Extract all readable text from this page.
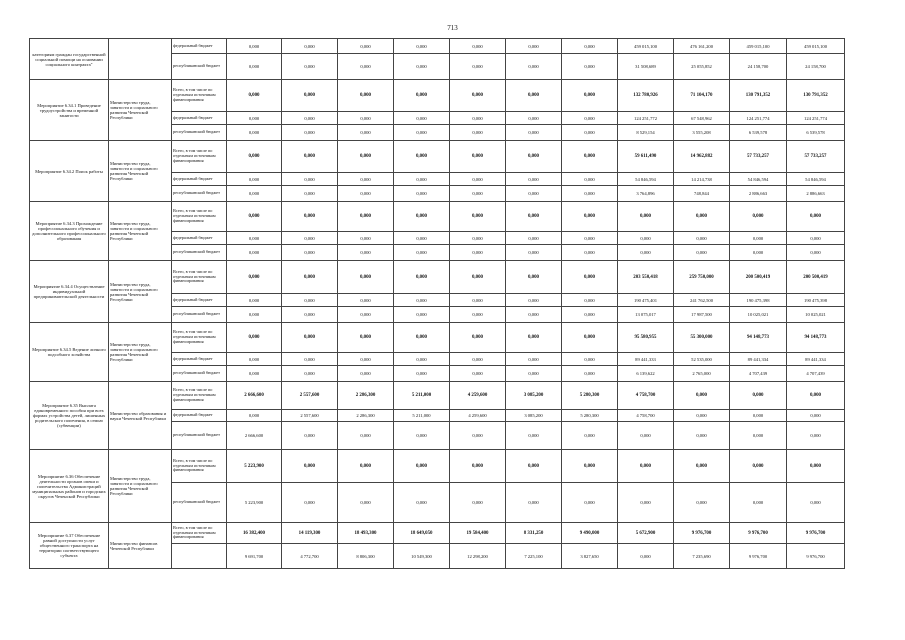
713
категориям граждан государственной социальной помощи на основании социального контракта"		федеральный бюджет	0,000	0,000	0,000	0,000	0,000	0,000	0,000	459 015,100	476 161,200	459 015,100	459 015,100
		республиканский бюджет	0,000	0,000	0,000	0,000	0,000	0,000	0,000	31 508,689	25 055,852	24 158,700	24 158,700
Мероприятие 6.34.1 Проведение трудоустройства и временной занятости	Министерство труда, занятости и социального развития Чеченской Республики	Всего, в том числе по отдельным источникам финансирования	0,000	0,000	0,000	0,000	0,000	0,000	0,000	132 780,926	71 104,170	130 791,352	130 791,352
		федеральный бюджет	0,000	0,000	0,000	0,000	0,000	0,000	0,000	124 251,772	67 548,962	124 251,774	124 251,774
		республиканский бюджет	0,000	0,000	0,000	0,000	0,000	0,000	0,000	8 529,154	3 555,208	6 539,578	6 539,578
Мероприятие 6.34.2 Поиск работы	Министерство труда, занятости и социального развития Чеченской Республики	Всего, в том числе по отдельным источникам финансирования	0,000	0,000	0,000	0,000	0,000	0,000	0,000	59 611,490	14 962,882	57 733,257	57 733,257
		федеральный бюджет	0,000	0,000	0,000	0,000	0,000	0,000	0,000	54 846,594	14 214,738	54 846,594	54 846,594
		республиканский бюджет	0,000	0,000	0,000	0,000	0,000	0,000	0,000	3 764,896	748,844	2 886,663	2 886,663
Мероприятие 6.34.3 Прохождение профессионального обучения и дополнительного профессионального образования	Министерство труда, занятости и социального развития Чеченской Республики	Всего, в том числе по отдельным источникам финансирования	0,000	0,000	0,000	0,000	0,000	0,000	0,000	0,000	0,000	0,000	0,000
		федеральный бюджет	0,000	0,000	0,000	0,000	0,000	0,000	0,000	0,000	0,000	0,000	0,000
		республиканский бюджет	0,000	0,000	0,000	0,000	0,000	0,000	0,000	0,000	0,000	0,000	0,000
Мероприятие 6.34.4 Осуществление индивидуальной предпринимательской деятельности	Министерство труда, занятости и социального развития Чеченской Республики	Всего, в том числе по отдельным источникам финансирования	0,000	0,000	0,000	0,000	0,000	0,000	0,000	203 550,418	259 750,000	200 500,419	200 500,419
		федеральный бюджет	0,000	0,000	0,000	0,000	0,000	0,000	0,000	190 475,401	241 762,500	190 475,398	190 475,398
		республиканский бюджет	0,000	0,000	0,000	0,000	0,000	0,000	0,000	13 075,017	17 987,500	10 025,021	10 025,021
Мероприятие 6.34.5 Ведение личного подсобного хозяйства	Министерство труда, занятости и социального развития Чеченской Республики	Всего, в том числе по отдельным источникам финансирования	0,000	0,000	0,000	0,000	0,000	0,000	0,000	95 580,955	55 300,000	94 148,773	94 148,773
		федеральный бюджет	0,000	0,000	0,000	0,000	0,000	0,000	0,000	89 441,333	52 535,000	89 441,334	89 441,334
		республиканский бюджет	0,000	0,000	0,000	0,000	0,000	0,000	0,000	6 139,622	2 765,000	4 707,439	4 707,439
Мероприятие 6.35 Выплата единовременного пособия при всех формах устройства детей, лишенных родительского попечения, в семью (субвенции)	Министерство образования и науки Чеченской Республики	Всего, в том числе по отдельным источникам финансирования	2 666,600	2 557,600	2 286,300	5 211,000	4 259,600	3 085,200	5 280,300	4 758,700	0,000	0,000	0,000
		федеральный бюджет	0,000	2 557,600	2 286,300	5 211,000	4 259,600	3 085,200	5 280,300	4 758,700	0,000	0,000	0,000
		республиканский бюджет	2 666,600	0,000	0,000	0,000	0,000	0,000	0,000	0,000	0,000	0,000	0,000
Мероприятие 6.36 Обеспечение деятельности органов опеки и попечительства Администраций муниципальных районов и городских округов Чеченской Республики	Министерство труда, занятости и социального развития Чеченской Республики	Всего, в том числе по отдельным источникам финансирования	5 223,900	0,000	0,000	0,000	0,000	0,000	0,000	0,000	0,000	0,000	0,000
		республиканский бюджет	5 223,900	0,000	0,000	0,000	0,000	0,000	0,000	0,000	0,000	0,000	0,000
Мероприятие 6.37 Обеспечение равной доступности услуг общественного транспорта на территории соответствующего субъекта	Министерство финансов Чеченской Республики	Всего, в том числе по отдельным источникам финансирования	16 382,400	14 119,300	18 493,300	18 649,050	19 584,400	8 331,250	9 490,000	5 672,900	9 976,700	9 976,700	9 976,700
			9 691,700	4 772,700	8 806,300	10 549,300	12 298,200	7 225,100	3 827,650	0,000	7 235,690	9 976,700	9 976,700
